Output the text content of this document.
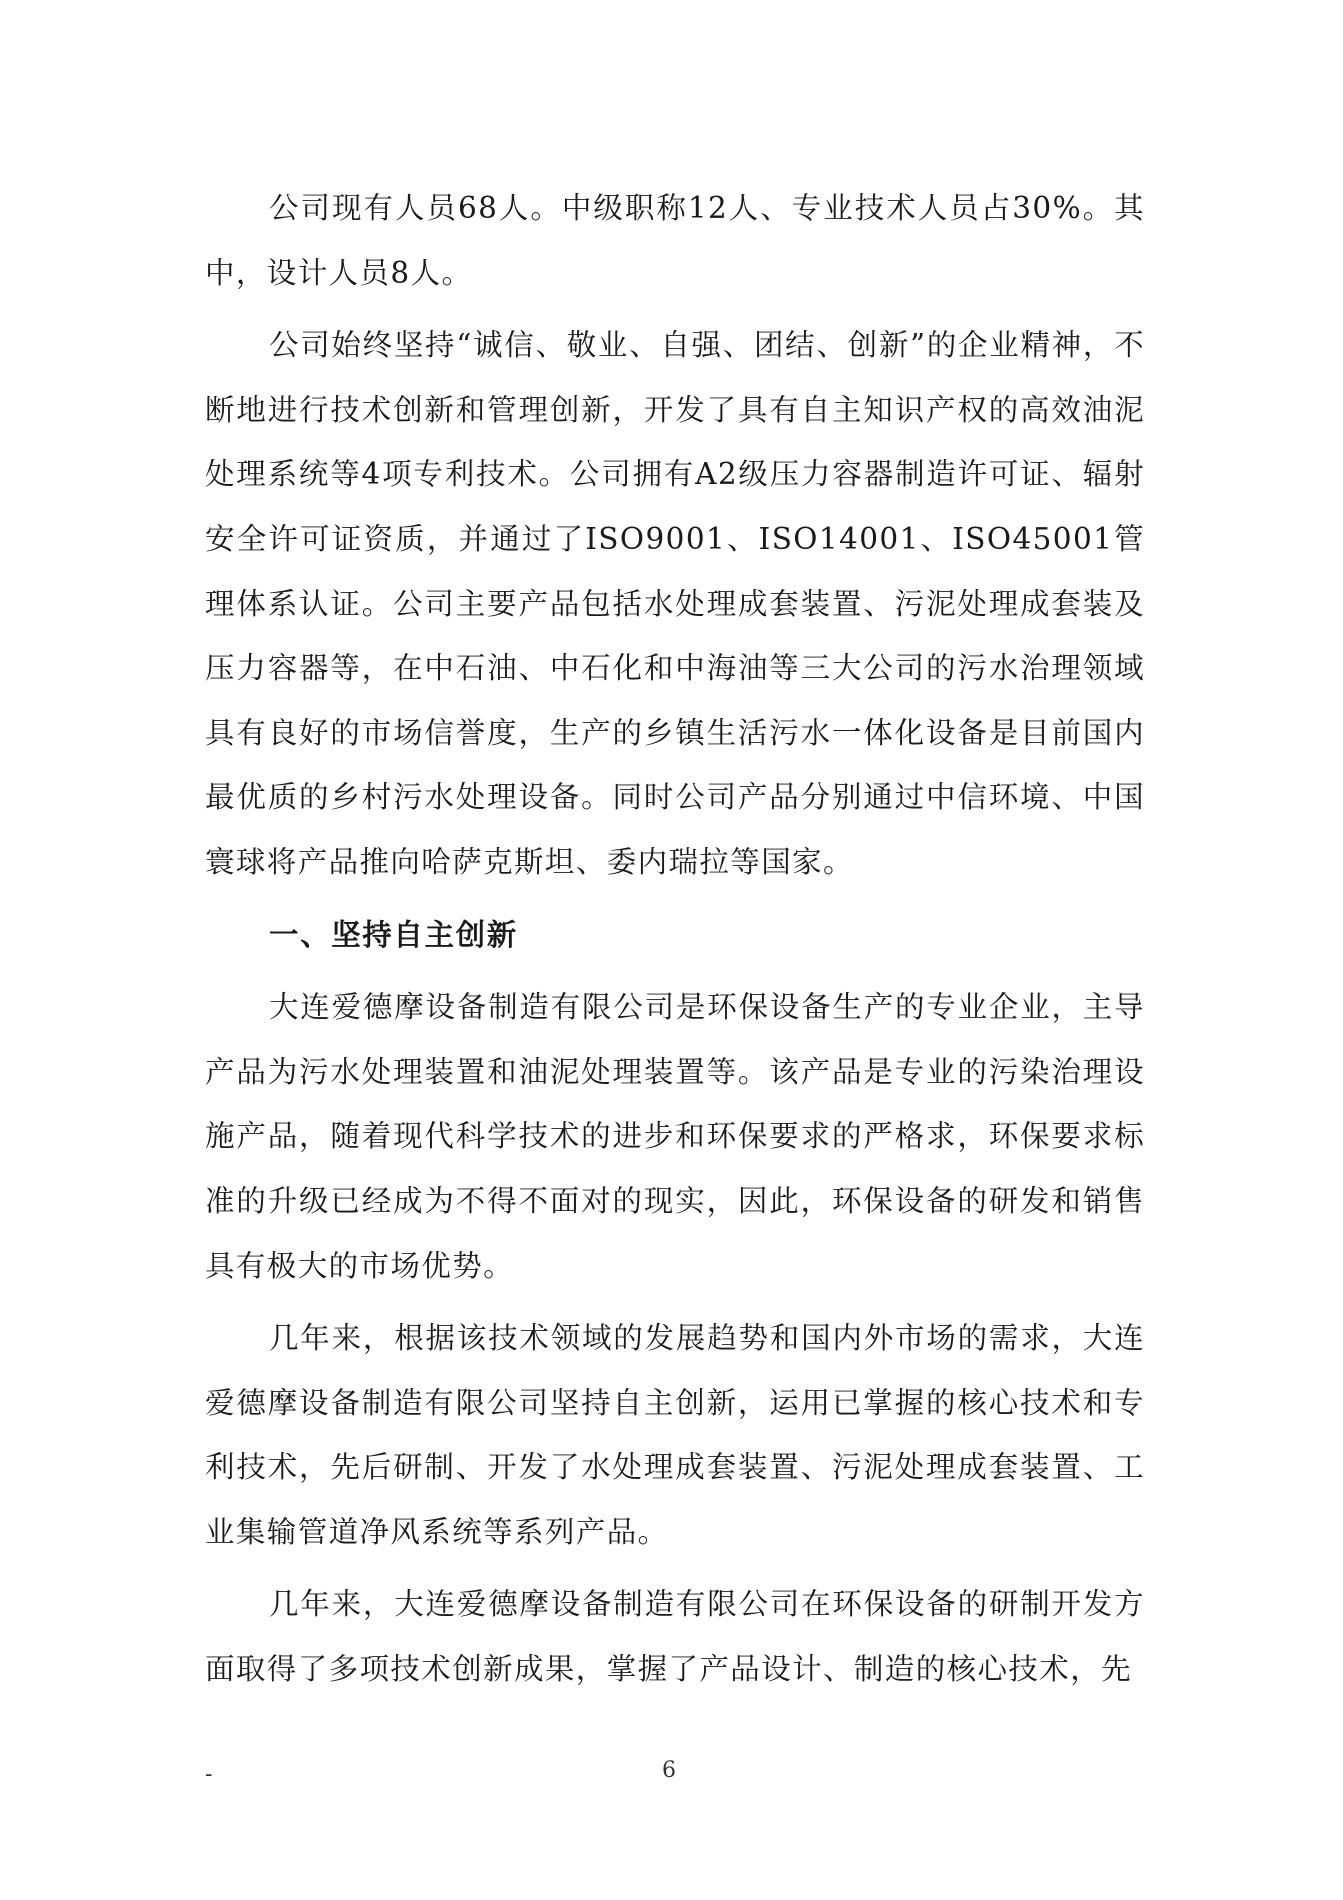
公司现有人员68人。中级职称12人、专业技术人员占30%。其中，设计人员8人。

公司始终坚持“诚信、敬业、自强、团结、创新”的企业精神，不断地进行技术创新和管理创新，开发了具有自主知识产权的高效油泥处理系统等4项专利技术。公司拥有A2级压力容器制造许可证、辐射安全许可证资质，并通过了ISO9001、ISO14001、ISO45001管理体系认证。公司主要产品包括水处理成套装置、污泥处理成套装及压力容器等，在中石油、中石化和中海油等三大公司的污水治理领域具有良好的市场信誉度，生产的乡镇生活污水一体化设备是目前国内最优质的乡村污水处理设备。同时公司产品分别通过中信环境、中国寰球将产品推向哈萨克斯坦、委内瑞拉等国家。

一、坚持自主创新

大连爱德摩设备制造有限公司是环保设备生产的专业企业，主导产品为污水处理装置和油泥处理装置等。该产品是专业的污染治理设施产品，随着现代科学技术的进步和环保要求的严格求，环保要求标准的升级已经成为不得不面对的现实，因此，环保设备的研发和销售具有极大的市场优势。

几年来，根据该技术领域的发展趋势和国内外市场的需求，大连爱德摩设备制造有限公司坚持自主创新，运用已掌握的核心技术和专利技术，先后研制、开发了水处理成套装置、污泥处理成套装置、工业集输管道净风系统等系列产品。

几年来，大连爱德摩设备制造有限公司在环保设备的研制开发方面取得了多项技术创新成果，掌握了产品设计、制造的核心技术，先

-	6
